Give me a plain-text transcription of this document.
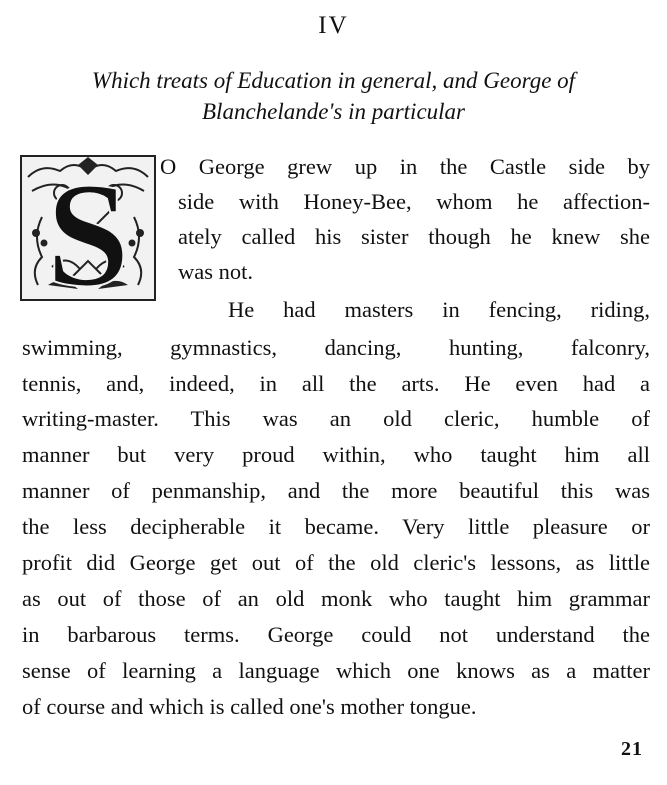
IV
Which treats of Education in general, and George of
Blanchelande's in particular
S O George grew up in the Castle side by
side with Honey-Bee, whom he affection-
ately called his sister though he knew she
was not.
He had masters in fencing, riding,
swimming, gymnastics, dancing, hunting, falconry,
tennis, and, indeed, in all the arts. He even had a
writing-master. This was an old cleric, humble of
manner but very proud within, who taught him all
manner of penmanship, and the more beautiful this was
the less decipherable it became. Very little pleasure or
profit did George get out of the old cleric's lessons, as little
as out of those of an old monk who taught him grammar
in barbarous terms. George could not understand the
sense of learning a language which one knows as a matter
of course and which is called one's mother tongue.
21
